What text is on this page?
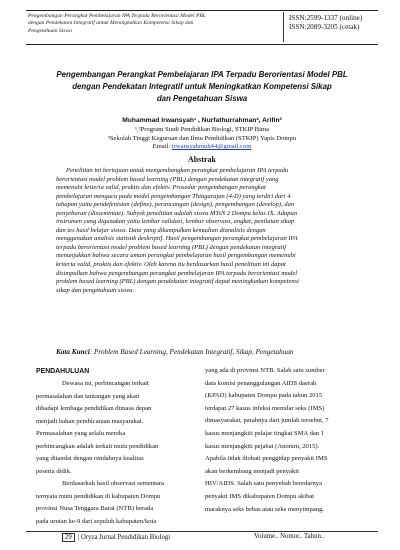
Pengembangan Perangkat Pembelajaran IPA Terpadu Berorientasi Model PBL
dengan Pendekatan Integratif untuk Meningkatkan Kompetensi Sikap dan
Pengetahuan Siswa
ISSN:2599-1337 (online)
ISSN:2089-3205 (cetak)
Pengembangan Perangkat Pembelajaran IPA Terpadu Berorientasi Model PBL
dengan Pendekatan Integratif untuk Meningkatkan Kompetensi Sikap
dan Pengetahuan Siswa
Muhammad Irwansyah¹ , Nurfathurrahman², Arifin³
¹,²Program Studi Pendidikan Biologi, STKIP Bima
³Sekolah Tinggi Keguruan dan Ilmu Pendidikan (STKIP) Yapis Dompu
Email: irwansyahmuh44@gmail.com
Abstrak
Penelitian ini bertujuan untuk mengembangkan perangkat pembelajaran IPA terpadu
berorientasi model problem based learning (PBL) dengan pendekatan integratif yang
memenuhi kriteria valid, praktis dan efektiv. Prosedur pengembangan perangkat
pembelajaran mengacu pada model pengembangan Thiagarajan (4-D) yang terdiri dari 4
tahapan yaitu pendefenisian (define), perancangan (design), pengembangan (develop), dan
penyebaran (disseminate). Subyek penelitian adalah siswa MTsN 2 Dompu kelas IX. Adapun
instrumen yang digunakan yaitu lembar validasi, lembar observasi, angket, penilaian sikap
dan tes hasil belajar siswa. Data yang dikumpulkan kemudian dianalisis dengan
menggunakan analisis statistik deskriptif. Hasil pengembangan perangkat pembelajaran IPA
terpadu berorientasi model problem based learning (PBL) dengan pendekatan integratif
menunjukkan bahwa secara umum perangkat pembelajaran hasil pengembangan memenuhi
kriteria valid, praktis dan efektiv. Oleh karena itu berdasarkan hasil penelitian ini dapat
disimpulkan bahwa pengembangan perangkat pembelajaran IPA terpadu berorientasi model
problem based learning (PBL) dengan pendekatan integratif dapat meningkatkan kompetensi
sikap dan pengetahuan siswa.
Kata Kunci: Problem Based Learning, Pendekatan Integratif, Sikap, Pengetahuan
PENDAHULUAN
Dewasa ini, perbincangan terkait
permasalahan dan tantangan yang akan
dihadapi lembaga pendidikan dimasa depan
menjadi bahan pembicaraan masyarakat.
Permasalahan yang selalu mereka
perbincangkan adalah terkait mutu pendidikan
yang ditandai dengan rendahnya kualitas
peserta didik.
Berdasarkah hasil observasi sementara
ternyata mutu pendidikan di kabupaten Dompu
provinsi Nusa Tenggara Barat (NTB) berada
pada urutan ke-9 dari sepuluh kabupaten/kota
yang ada di provinsi NTB. Salah satu sumber
data komisi penanggulangan AIDS daerah
(KPAD) kabupaten Dompu pada tahun 2015
terdapat 27 kasus infeksi menular seks (IMS)
dimasyarakat, parahnya dari jumlah tersebut, 7
kasus menjangkiti pelajar tingkat SMA dan 1
kasus menjangkiti pejabat (Anonim, 2015).
Apabila tidak diobati penggidap penyakit IMS
akan berkembang menjadi penyakit
HIV/AIDS. Salah satu penyebab beredarnya
penyakit IMS dikabupaten Dompu akibat
maraknya seks bebas atau seks menyimpang.
29 | Oryza Jurnal Pendidikan Biologi	Volume.. Nomor.. Tahun..
